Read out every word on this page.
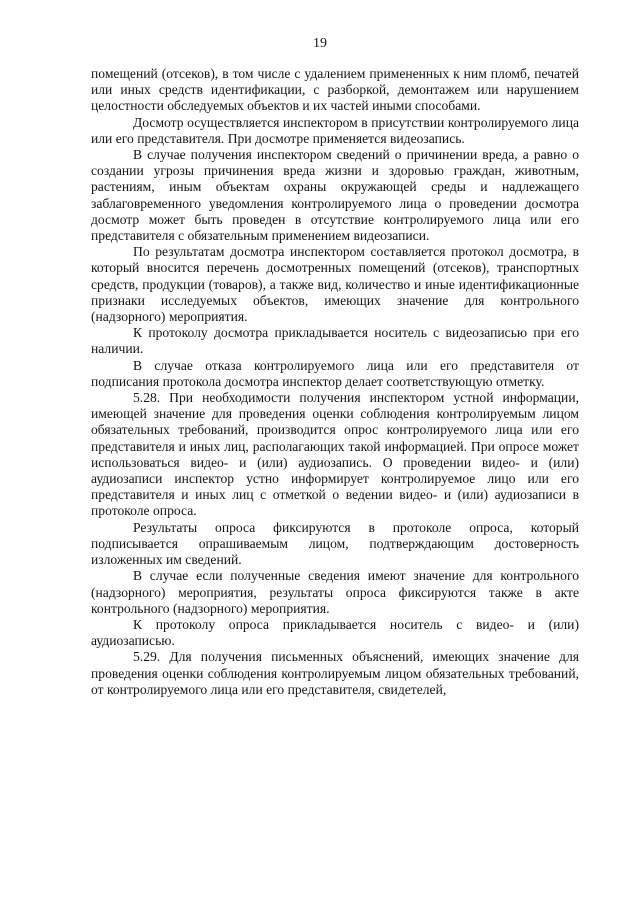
19

помещений (отсеков), в том числе с удалением примененных к ним пломб, печатей или иных средств идентификации, с разборкой, демонтажем или нарушением целостности обследуемых объектов и их частей иными способами.

Досмотр осуществляется инспектором в присутствии контролируемого лица или его представителя. При досмотре применяется видеозапись.

В случае получения инспектором сведений о причинении вреда, а равно о создании угрозы причинения вреда жизни и здоровью граждан, животным, растениям, иным объектам охраны окружающей среды и надлежащего заблаговременного уведомления контролируемого лица о проведении досмотра досмотр может быть проведен в отсутствие контролируемого лица или его представителя с обязательным применением видеозаписи.

По результатам досмотра инспектором составляется протокол досмотра, в который вносится перечень досмотренных помещений (отсеков), транспортных средств, продукции (товаров), а также вид, количество и иные идентификационные признаки исследуемых объектов, имеющих значение для контрольного (надзорного) мероприятия.

К протоколу досмотра прикладывается носитель с видеозаписью при его наличии.

В случае отказа контролируемого лица или его представителя от подписания протокола досмотра инспектор делает соответствующую отметку.

5.28. При необходимости получения инспектором устной информации, имеющей значение для проведения оценки соблюдения контролируемым лицом обязательных требований, производится опрос контролируемого лица или его представителя и иных лиц, располагающих такой информацией. При опросе может использоваться видео- и (или) аудиозапись. О проведении видео- и (или) аудиозаписи инспектор устно информирует контролируемое лицо или его представителя и иных лиц с отметкой о ведении видео- и (или) аудиозаписи в протоколе опроса.

Результаты опроса фиксируются в протоколе опроса, который подписывается опрашиваемым лицом, подтверждающим достоверность изложенных им сведений.

В случае если полученные сведения имеют значение для контрольного (надзорного) мероприятия, результаты опроса фиксируются также в акте контрольного (надзорного) мероприятия.

К протоколу опроса прикладывается носитель с видео- и (или) аудиозаписью.

5.29. Для получения письменных объяснений, имеющих значение для проведения оценки соблюдения контролируемым лицом обязательных требований, от контролируемого лица или его представителя, свидетелей,
